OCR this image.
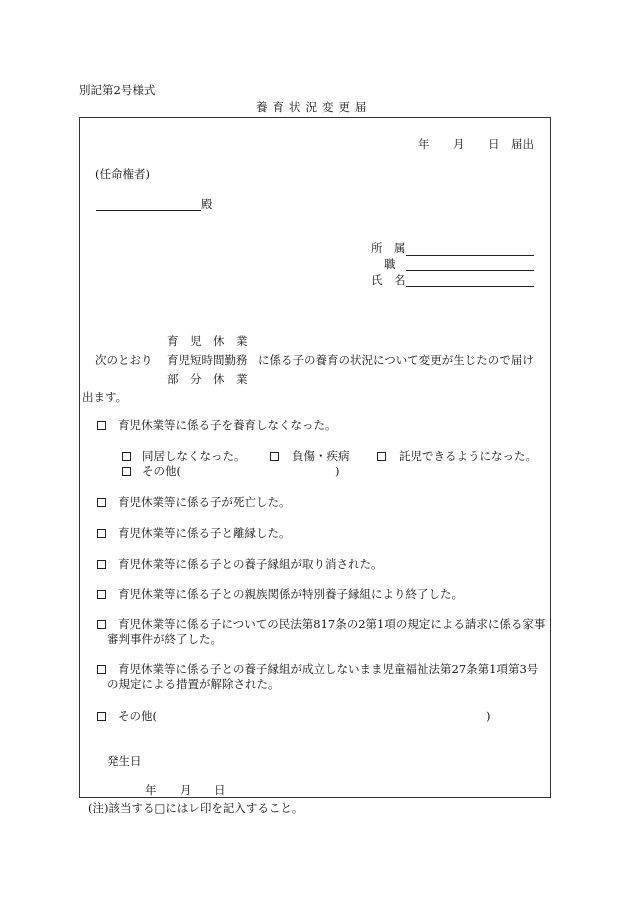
別記第2号様式
養育状況変更届
年 月 日 届出
(任命権者)
殿
所　属
職
氏　名
育　児　休　業
次のとおり 育児短時間勤務 に係る子の養育の状況について変更が生じたので届け
部　分　休　業
出ます。
育児休業等に係る子を養育しなくなった。
同居しなくなった。	負傷・疾病	託児できるようになった。
その他(	)
育児休業等に係る子が死亡した。
育児休業等に係る子と離縁した。
育児休業等に係る子との養子縁組が取り消された。
育児休業等に係る子との親族関係が特別養子縁組により終了した。
育児休業等に係る子についての民法第817条の2第1項の規定による請求に係る家事
審判事件が終了した。
育児休業等に係る子との養子縁組が成立しないまま児童福祉法第27条第1項第3号
の規定による措置が解除された。
その他(	)
発生日
年 月 日
(注)該当する□にはレ印を記入すること。
